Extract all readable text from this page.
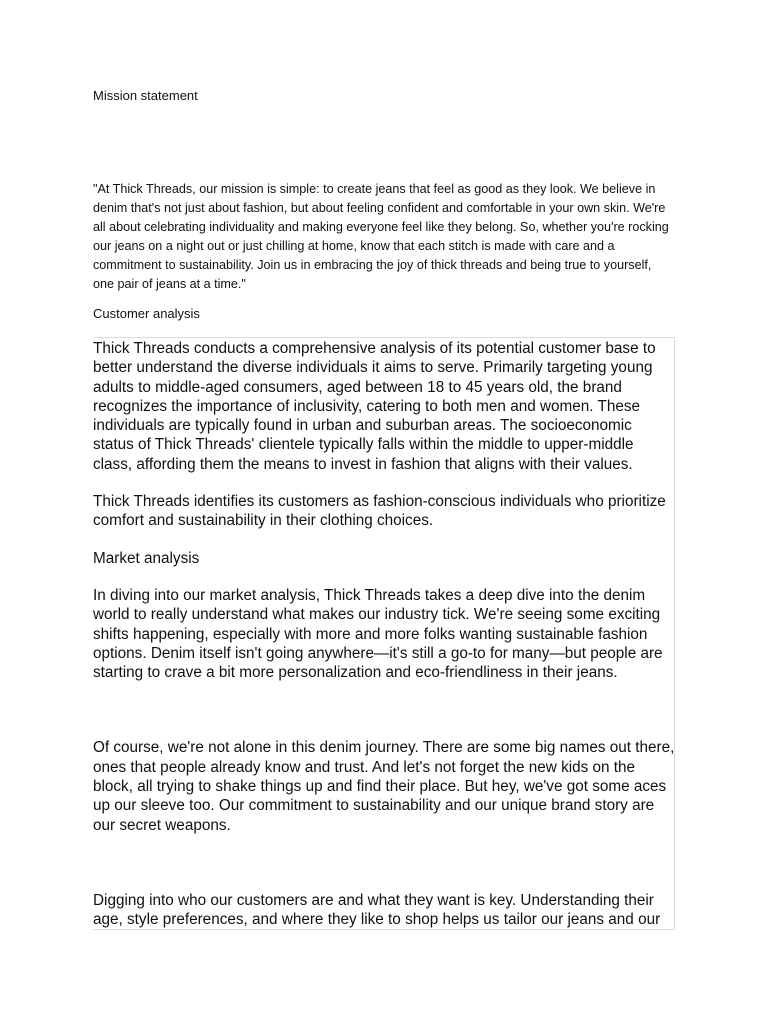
Mission statement
"At Thick Threads, our mission is simple: to create jeans that feel as good as they look. We believe in denim that's not just about fashion, but about feeling confident and comfortable in your own skin. We're all about celebrating individuality and making everyone feel like they belong. So, whether you're rocking our jeans on a night out or just chilling at home, know that each stitch is made with care and a commitment to sustainability. Join us in embracing the joy of thick threads and being true to yourself, one pair of jeans at a time."
Customer analysis

Thick Threads conducts a comprehensive analysis of its potential customer base to better understand the diverse individuals it aims to serve. Primarily targeting young adults to middle-aged consumers, aged between 18 to 45 years old, the brand recognizes the importance of inclusivity, catering to both men and women. These individuals are typically found in urban and suburban areas. The socioeconomic status of Thick Threads' clientele typically falls within the middle to upper-middle class, affording them the means to invest in fashion that aligns with their values.

Thick Threads identifies its customers as fashion-conscious individuals who prioritize comfort and sustainability in their clothing choices.

Market analysis

In diving into our market analysis, Thick Threads takes a deep dive into the denim world to really understand what makes our industry tick. We're seeing some exciting shifts happening, especially with more and more folks wanting sustainable fashion options. Denim itself isn't going anywhere—it's still a go-to for many—but people are starting to crave a bit more personalization and eco-friendliness in their jeans.

Of course, we're not alone in this denim journey. There are some big names out there, ones that people already know and trust. And let's not forget the new kids on the block, all trying to shake things up and find their place. But hey, we've got some aces up our sleeve too. Our commitment to sustainability and our unique brand story are our secret weapons.

Digging into who our customers are and what they want is key. Understanding their age, style preferences, and where they like to shop helps us tailor our jeans and our
